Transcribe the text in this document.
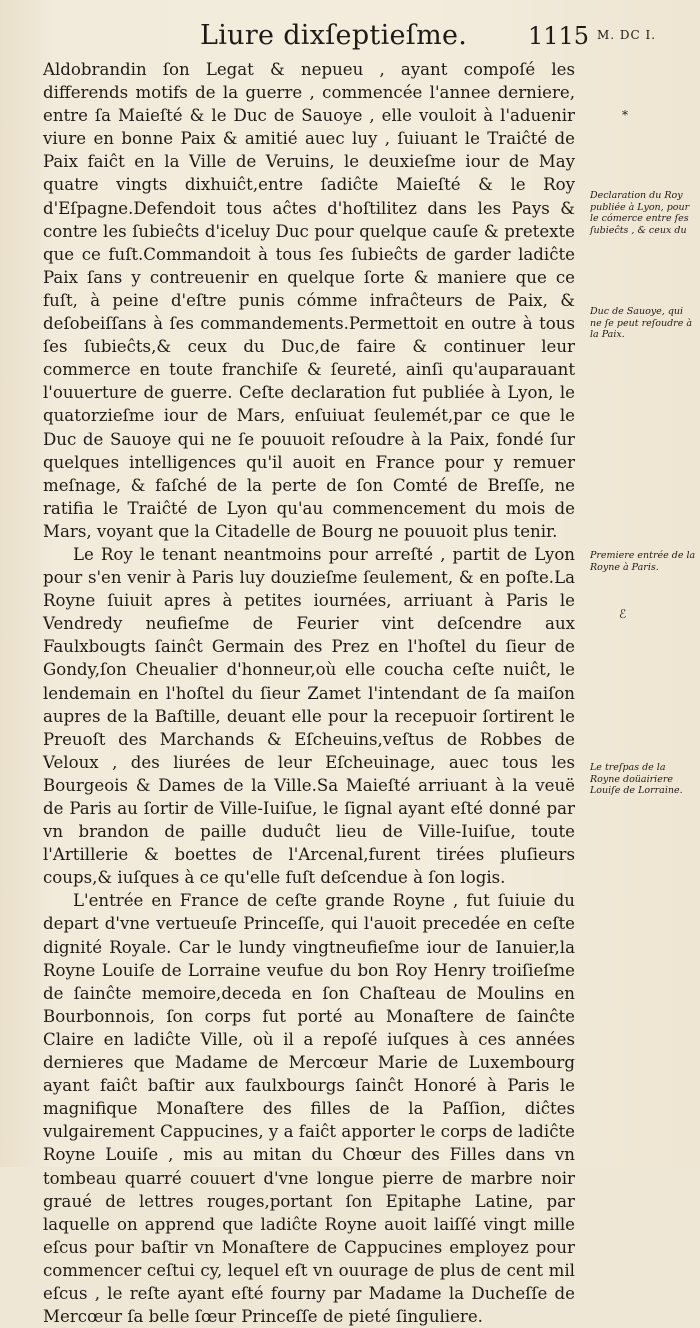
Liure dixſeptieſme.	1115 M. DC I.

Aldobrandin ſon Legat & nepueu , ayant compoſé les differends motifs de la guerre , commencée l'annee derniere, entre ſa Maieſté & le Duc de Sauoye , elle vouloit à l'aduenir viure en bonne Paix & amitié auec luy , ſuiuant le Traiĉté de Paix faiĉt en la Ville de Veruins, le deuxieſme iour de May quatre vingts dixhuiĉt,entre ſadiĉte Maieſté & le Roy d'Eſpagne.Defendoit tous aĉtes d'hoſtilitez dans les Pays & contre les ſubieĉts d'iceluy Duc pour quelque cauſe & pretexte que ce fuſt.Commandoit à tous ſes ſubieĉts de garder ladiĉte Paix ſans y contreuenir en quelque ſorte & maniere que ce fuſt, à peine d'eſtre punis cómme infraĉteurs de Paix, & deſobeiſſans à ſes commandements.Permettoit en outre à tous ſes ſubieĉts,& ceux du Duc,de faire & continuer leur commerce en toute franchiſe & ſeureté, ainſi qu'auparauant l'ouuerture de guerre. Ceſte declaration fut publiée à Lyon, le quatorzieſme iour de Mars, enſuiuat ſeulemét,par ce que le Duc de Sauoye qui ne ſe pouuoit reſoudre à la Paix, fondé ſur quelques intelligences qu'il auoit en France pour y remuer meſnage, & faſché de la perte de ſon Comté de Breſſe, ne ratifia le Traiĉté de Lyon qu'au commencement du mois de Mars, voyant que la Citadelle de Bourg ne pouuoit plus tenir.

Le Roy le tenant neantmoins pour arreſté , partit de Lyon pour s'en venir à Paris luy douzieſme ſeulement, & en poſte.La Royne ſuiuit apres à petites iournées, arriuant à Paris le Vendredy neufieſme de Feurier vint deſcendre aux Faulxbougts ſainĉt Germain des Prez en l'hoſtel du ſieur de Gondy,ſon Cheualier d'honneur,où elle coucha ceſte nuiĉt, le lendemain en l'hoſtel du ſieur Zamet l'intendant de ſa maiſon aupres de la Baſtille, deuant elle pour la recepuoir ſortirent le Preuoſt des Marchands & Eſcheuins,veſtus de Robbes de Veloux , des liurées de leur Eſcheuinage, auec tous les Bourgeois & Dames de la Ville.Sa Maieſté arriuant à la veuë de Paris au ſortir de Ville-Iuiſue, le ſignal ayant eſté donné par vn brandon de paille duduĉt lieu de Ville-Iuiſue, toute l'Artillerie & boettes de l'Arcenal,furent tirées pluſieurs coups,& iuſques à ce qu'elle fuſt deſcendue à ſon logis.

L'entrée en France de ceſte grande Royne , fut ſuiuie du depart d'vne vertueuſe Princeſſe, qui l'auoit precedée en ceſte dignité Royale. Car le lundy vingtneufieſme iour de Ianuier,la Royne Louiſe de Lorraine veufue du bon Roy Henry troiſieſme de ſainĉte memoire,deceda en ſon Chaſteau de Moulins en Bourbonnois, ſon corps fut porté au Monaſtere de ſainĉte Claire en ladiĉte Ville, où il a repoſé iuſques à ces années dernieres que Madame de Mercœur Marie de Luxembourg ayant faiĉt baſtir aux faulxbourgs ſainĉt Honoré à Paris le magnifique Monaſtere des filles de la Paſſion, diĉtes vulgairement Cappucines, y a faiĉt apporter le corps de ladiĉte Royne Louiſe , mis au mitan du Chœur des Filles dans vn tombeau quarré couuert d'vne longue pierre de marbre noir graué de lettres rouges,portant ſon Epitaphe Latine, par laquelle on apprend que ladiĉte Royne auoit laiſſé vingt mille eſcus pour baſtir vn Monaſtere de Cappucines employez pour commencer ceſtui cy, lequel eſt vn ouurage de plus de cent mil eſcus , le reſte ayant eſté fourny par Madame la Ducheſſe de Mercœur ſa belle ſœur Princeſſe de pieté ſinguliere.

Declaration du Roy publiée à Lyon, pour le cómerce entre ſes ſubieĉts , & ceux du
Duc de Sauoye, qui ne ſe peut reſoudre à la Paix.
Premiere entrée de la Royne à Paris.
Le treſpas de la Royne doüairiere Louiſe de Lorraine.
*
ℰ
